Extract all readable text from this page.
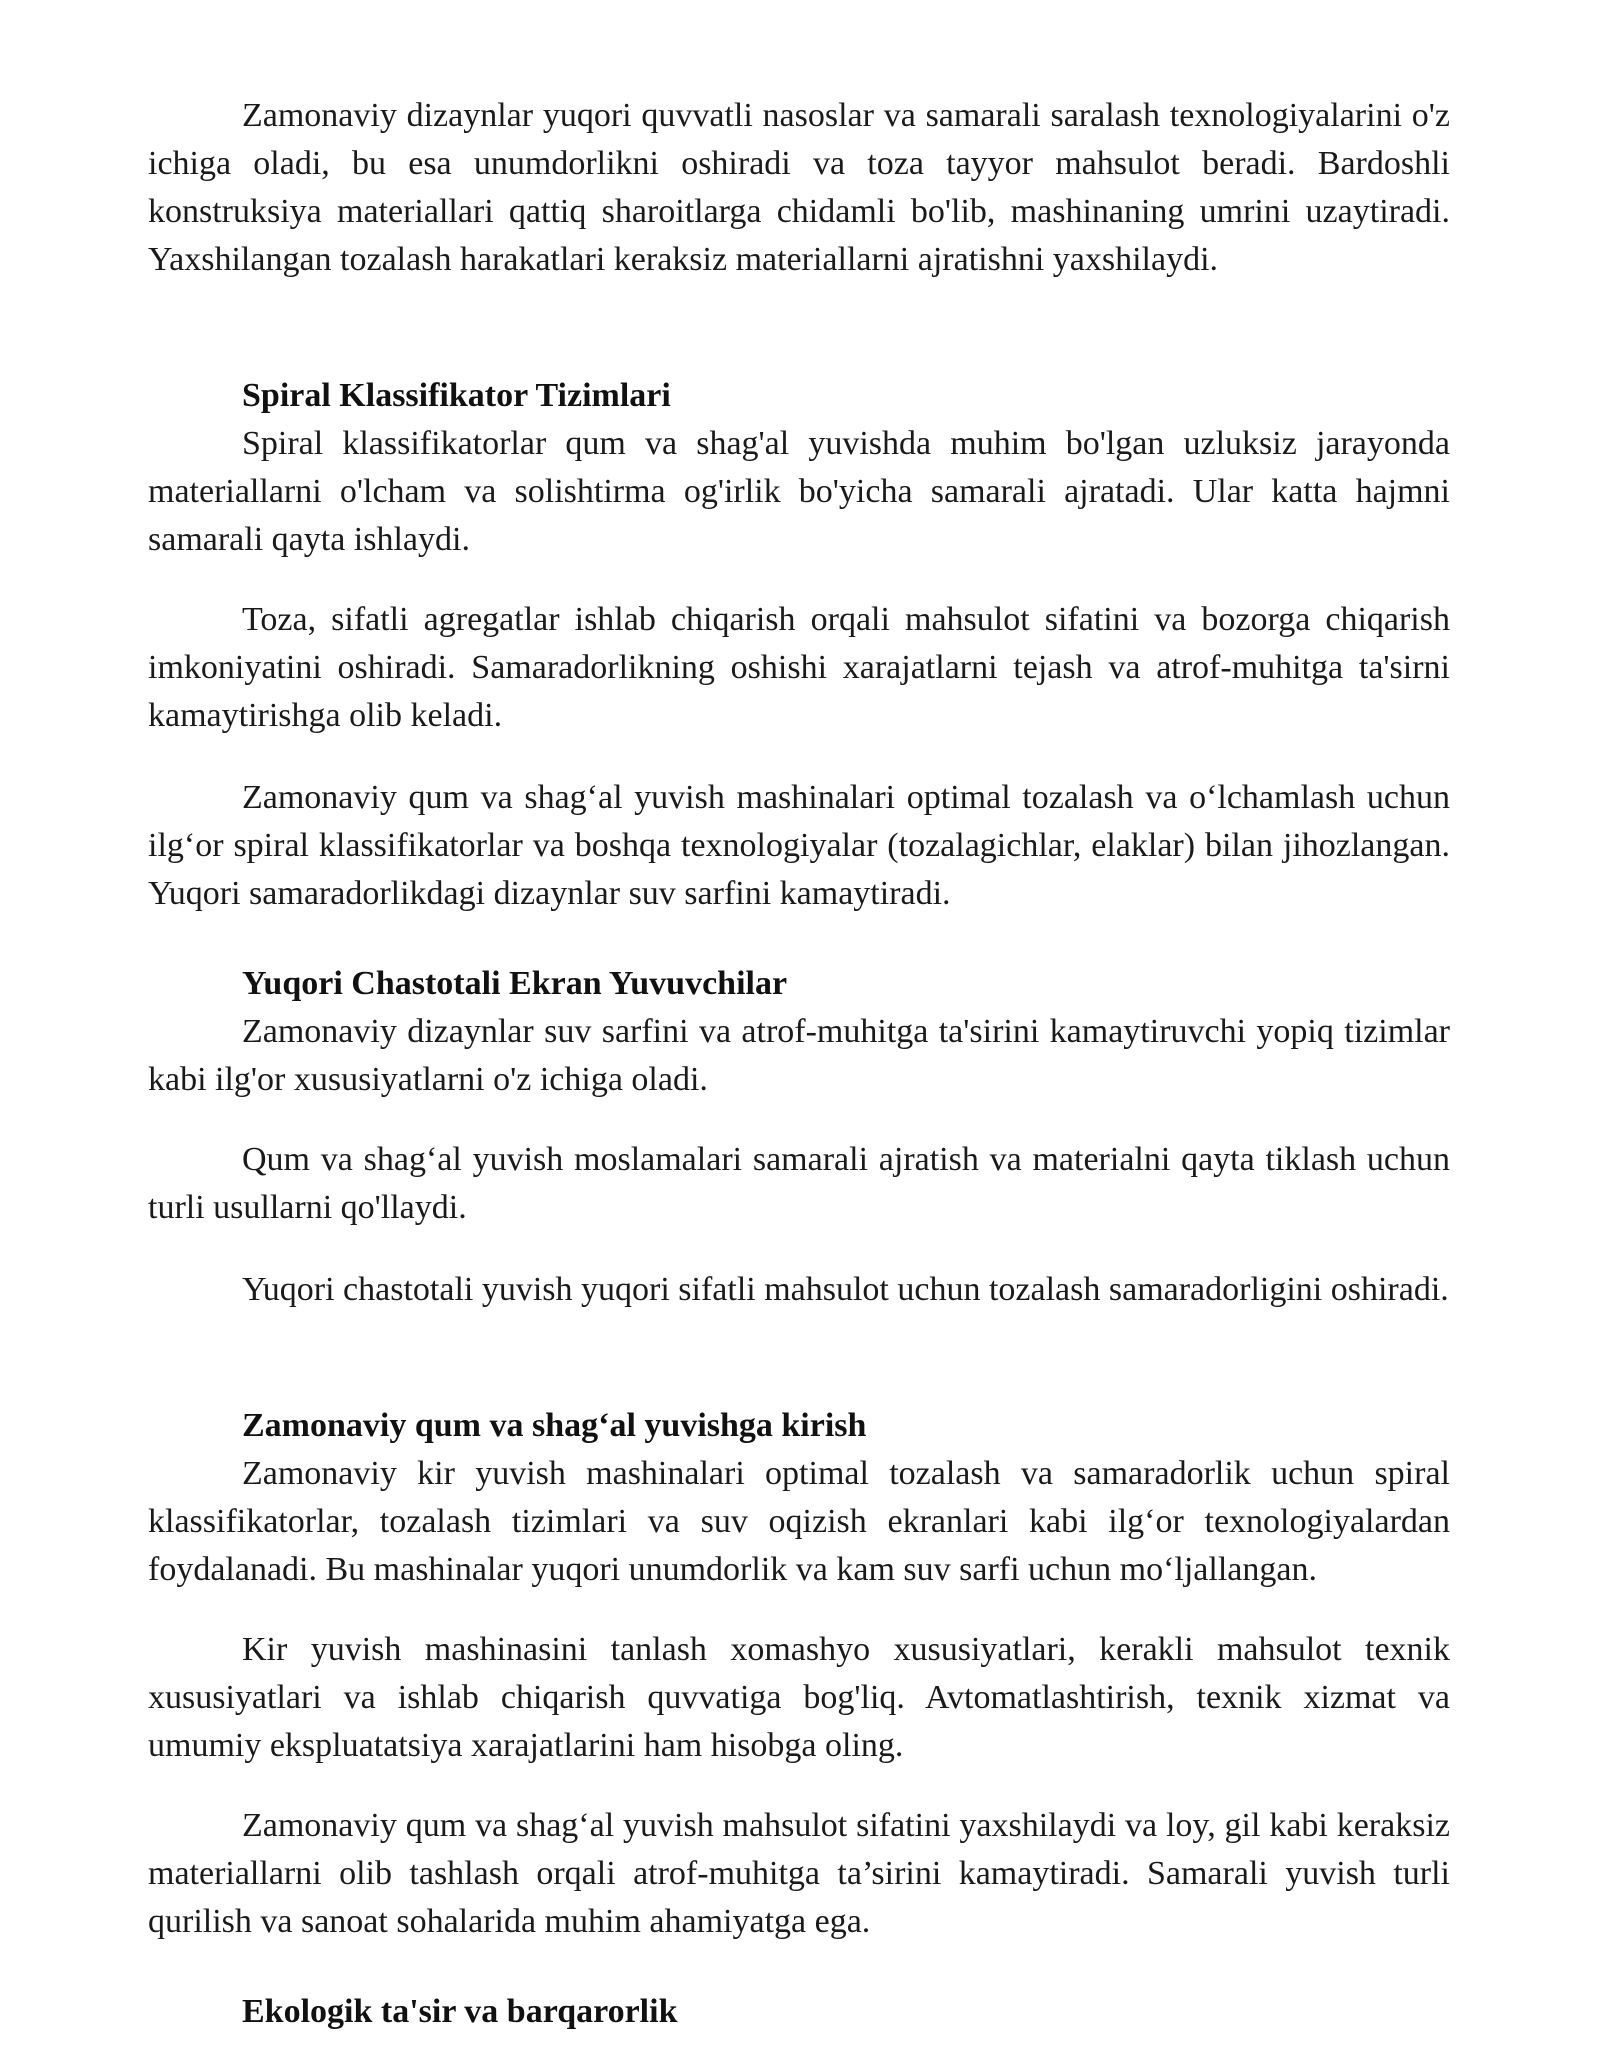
Zamonaviy dizaynlar yuqori quvvatli nasoslar va samarali saralash texnologiyalarini o'z ichiga oladi, bu esa unumdorlikni oshiradi va toza tayyor mahsulot beradi. Bardoshli konstruksiya materiallari qattiq sharoitlarga chidamli bo'lib, mashinaning umrini uzaytiradi. Yaxshilangan tozalash harakatlari keraksiz materiallarni ajratishni yaxshilaydi.

Spiral Klassifikator Tizimlari

Spiral klassifikatorlar qum va shag'al yuvishda muhim bo'lgan uzluksiz jarayonda materiallarni o'lcham va solishtirma og'irlik bo'yicha samarali ajratadi. Ular katta hajmni samarali qayta ishlaydi.

Toza, sifatli agregatlar ishlab chiqarish orqali mahsulot sifatini va bozorga chiqarish imkoniyatini oshiradi. Samaradorlikning oshishi xarajatlarni tejash va atrof-muhitga ta'sirni kamaytirishga olib keladi.

Zamonaviy qum va shag‘al yuvish mashinalari optimal tozalash va o‘lchamlash uchun ilg‘or spiral klassifikatorlar va boshqa texnologiyalar (tozalagichlar, elaklar) bilan jihozlangan. Yuqori samaradorlikdagi dizaynlar suv sarfini kamaytiradi.

Yuqori Chastotali Ekran Yuvuvchilar

Zamonaviy dizaynlar suv sarfini va atrof-muhitga ta'sirini kamaytiruvchi yopiq tizimlar kabi ilg'or xususiyatlarni o'z ichiga oladi.

Qum va shag‘al yuvish moslamalari samarali ajratish va materialni qayta tiklash uchun turli usullarni qo'llaydi.

Yuqori chastotali yuvish yuqori sifatli mahsulot uchun tozalash samaradorligini oshiradi.

Zamonaviy qum va shag‘al yuvishga kirish

Zamonaviy kir yuvish mashinalari optimal tozalash va samaradorlik uchun spiral klassifikatorlar, tozalash tizimlari va suv oqizish ekranlari kabi ilg‘or texnologiyalardan foydalanadi. Bu mashinalar yuqori unumdorlik va kam suv sarfi uchun mo‘ljallangan.

Kir yuvish mashinasini tanlash xomashyo xususiyatlari, kerakli mahsulot texnik xususiyatlari va ishlab chiqarish quvvatiga bog'liq. Avtomatlashtirish, texnik xizmat va umumiy ekspluatatsiya xarajatlarini ham hisobga oling.

Zamonaviy qum va shag‘al yuvish mahsulot sifatini yaxshilaydi va loy, gil kabi keraksiz materiallarni olib tashlash orqali atrof-muhitga ta’sirini kamaytiradi. Samarali yuvish turli qurilish va sanoat sohalarida muhim ahamiyatga ega.

Ekologik ta'sir va barqarorlik
